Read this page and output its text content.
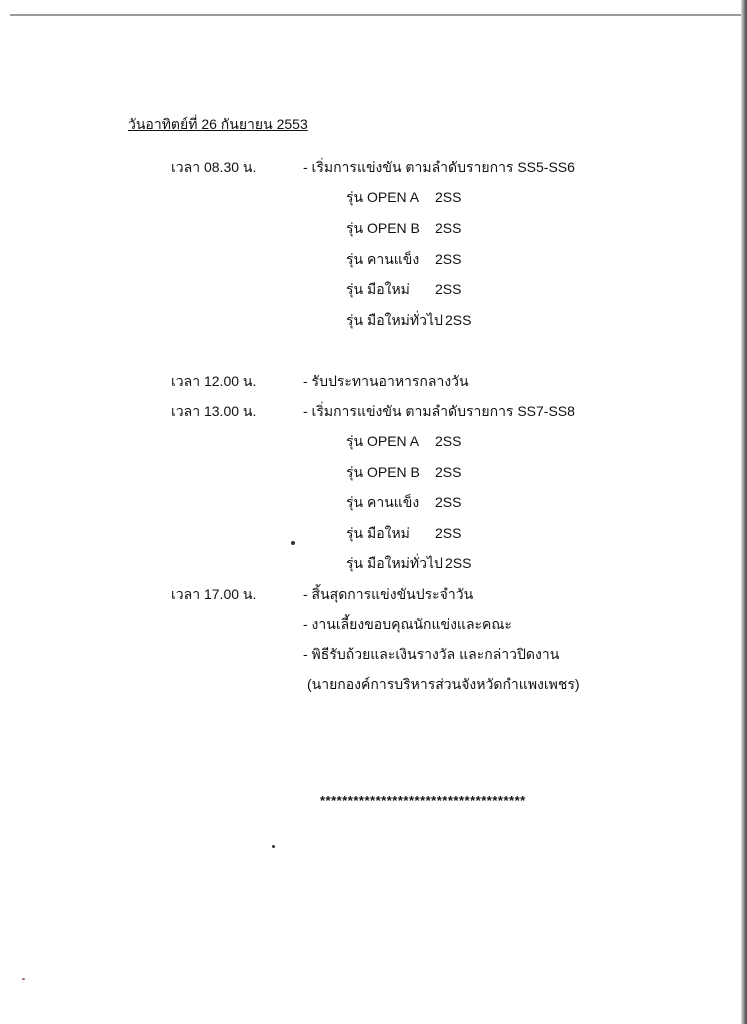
วันอาทิตย์ที่ 26 กันยายน 2553
เวลา 08.30 น.	- เริ่มการแข่งขัน ตามลำดับรายการ SS5-SS6
รุ่น OPEN A 2SS
รุ่น OPEN B 2SS
รุ่น คานแข็ง 2SS
รุ่น มือใหม่ 2SS
รุ่น มือใหม่ทั่วไป 2SS
เวลา 12.00 น.	- รับประทานอาหารกลางวัน
เวลา 13.00 น.	- เริ่มการแข่งขัน ตามลำดับรายการ SS7-SS8
รุ่น OPEN A 2SS
รุ่น OPEN B 2SS
รุ่น คานแข็ง 2SS
รุ่น มือใหม่ 2SS
รุ่น มือใหม่ทั่วไป 2SS
เวลา 17.00 น.	- สิ้นสุดการแข่งขันประจำวัน
- งานเลี้ยงขอบคุณนักแข่งและคณะ
- พิธีรับถ้วยและเงินรางวัล และกล่าวปิดงาน
(นายกองค์การบริหารส่วนจังหวัดกำแพงเพชร)
*************************************
